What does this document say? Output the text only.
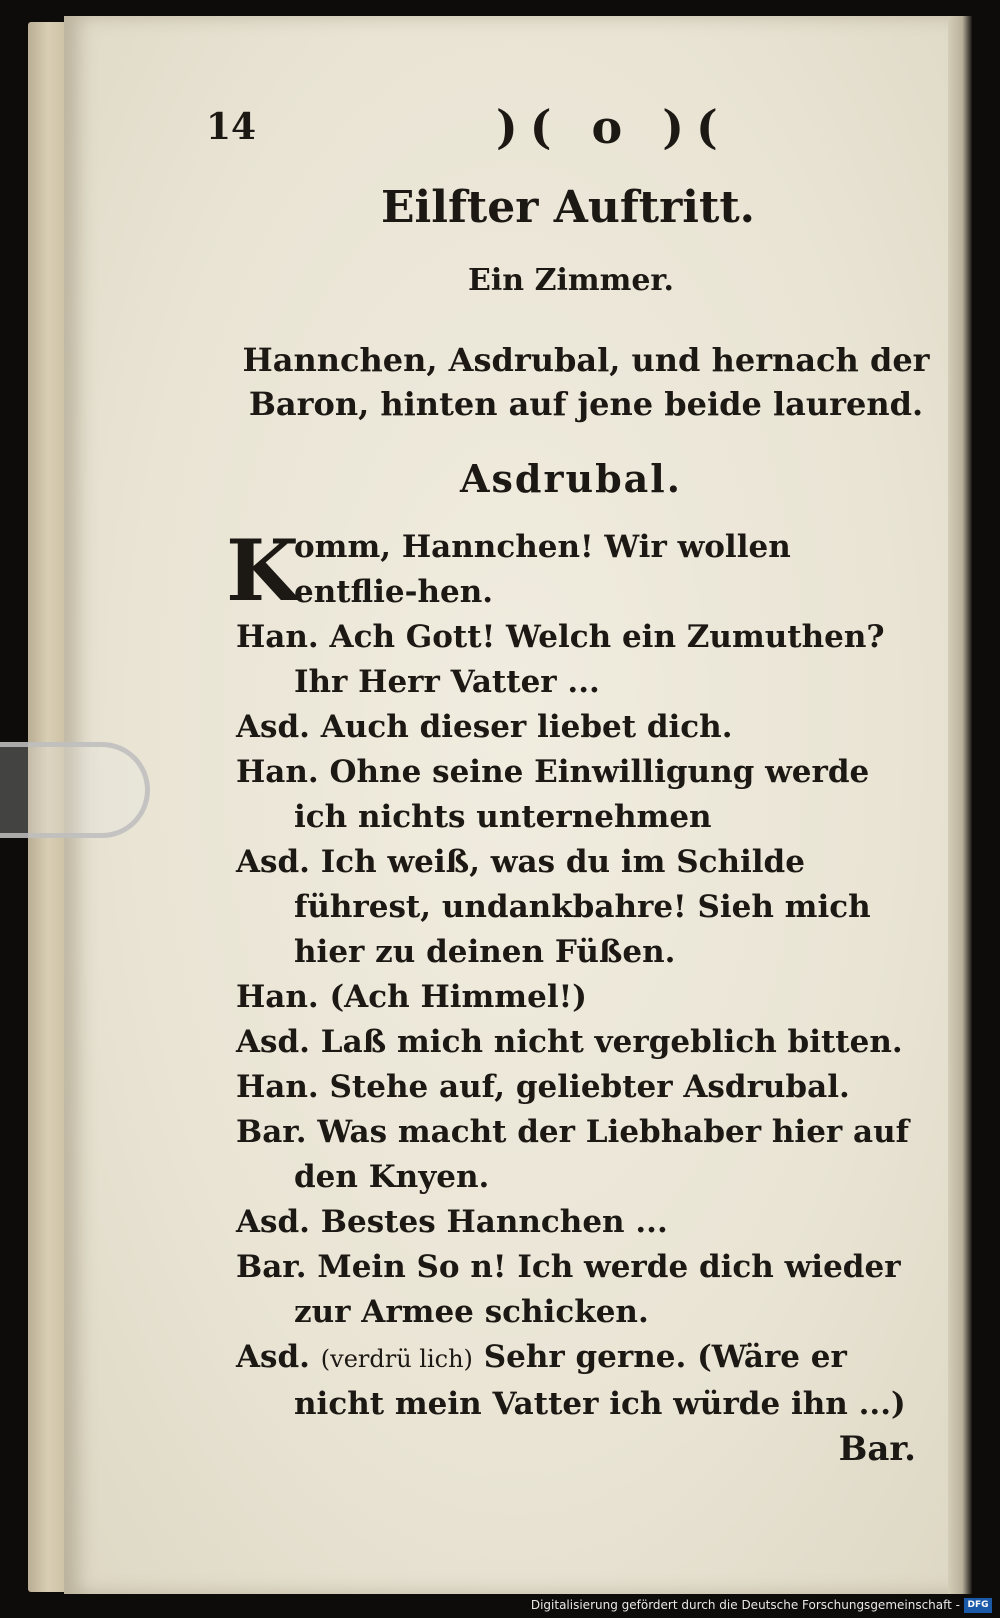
14	)( o )(
Eilfter Auftritt.
Ein Zimmer.
Hannchen, Asdrubal, und hernach der Baron, hinten auf jene beide laurend.
Asdrubal.

K
omm, Hannchen! Wir wollen entflie-hen.

Han. Ach Gott! Welch ein Zumuthen? Ihr Herr Vatter ...

Asd. Auch dieser liebet dich.

Han. Ohne seine Einwilligung werde ich nichts unternehmen

Asd. Ich weiß, was du im Schilde führest, undankbahre! Sieh mich hier zu deinen Füßen.

Han. (Ach Himmel!)

Asd. Laß mich nicht vergeblich bitten.

Han. Stehe auf, geliebter Asdrubal.

Bar. Was macht der Liebhaber hier auf den Knyen.

Asd. Bestes Hannchen ...

Bar. Mein So n! Ich werde dich wieder zur Armee schicken.

Asd. (verdrü lich) Sehr gerne. (Wäre er nicht mein Vatter ich würde ihn ...)

Bar.
Digitalisierung gefördert durch die Deutsche Forschungsgemeinschaft - DFG
